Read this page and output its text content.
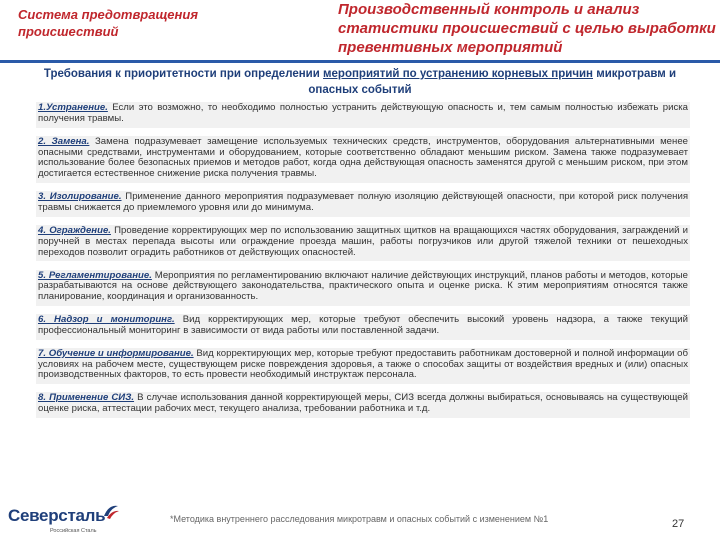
Система предотвращения происшествий
Производственный контроль и анализ статистики происшествий с целью выработки превентивных мероприятий
Требования к приоритетности при определении мероприятий по устранению корневых причин микротравм и опасных событий
1.Устранение. Если это возможно, то необходимо полностью устранить действующую опасность и, тем самым полностью избежать риска получения травмы.
2. Замена. Замена подразумевает замещение используемых технических средств, инструментов, оборудования альтернативными менее опасными средствами, инструментами и оборудованием, которые соответственно обладают меньшим риском. Замена также подразумевает использование более безопасных приемов и методов работ, когда одна действующая опасность заменятся другой с меньшим риском, при этом достигается естественное снижение риска получения травмы.
3. Изолирование. Применение данного мероприятия подразумевает полную изоляцию действующей опасности, при которой риск получения травмы снижается до приемлемого уровня или до минимума.
4. Ограждение. Проведение корректирующих мер по использованию защитных щитков на вращающихся частях оборудования, заграждений и поручней в местах перепада высоты или ограждение проезда машин, работы погрузчиков или другой тяжелой техники от пешеходных переходов позволит оградить работников от действующих опасностей.
5. Регламентирование. Мероприятия по регламентированию включают наличие действующих инструкций, планов работы и методов, которые разрабатываются на основе действующего законодательства, практического опыта и оценке риска. К этим мероприятиям относятся также планирование, координация и организованность.
6. Надзор и мониторинг. Вид корректирующих мер, которые требуют обеспечить высокий уровень надзора, а также текущий профессиональный мониторинг в зависимости от вида работы или поставленной задачи.
7. Обучение и информирование. Вид корректирующих мер, которые требуют предоставить работникам достоверной и полной информации об условиях на рабочем месте, существующем риске повреждения здоровья, а также о способах защиты от воздействия вредных и (или) опасных производственных факторов, то есть провести необходимый инструктаж персонала.
8. Применение СИЗ. В случае использования данной корректирующей меры, СИЗ всегда должны выбираться, основываясь на существующей оценке риска, аттестации рабочих мест, текущего анализа, требовании работника и т.д.
Северсталь
Российская Сталь
*Методика внутреннего расследования микротравм и опасных событий с изменением №1	27
